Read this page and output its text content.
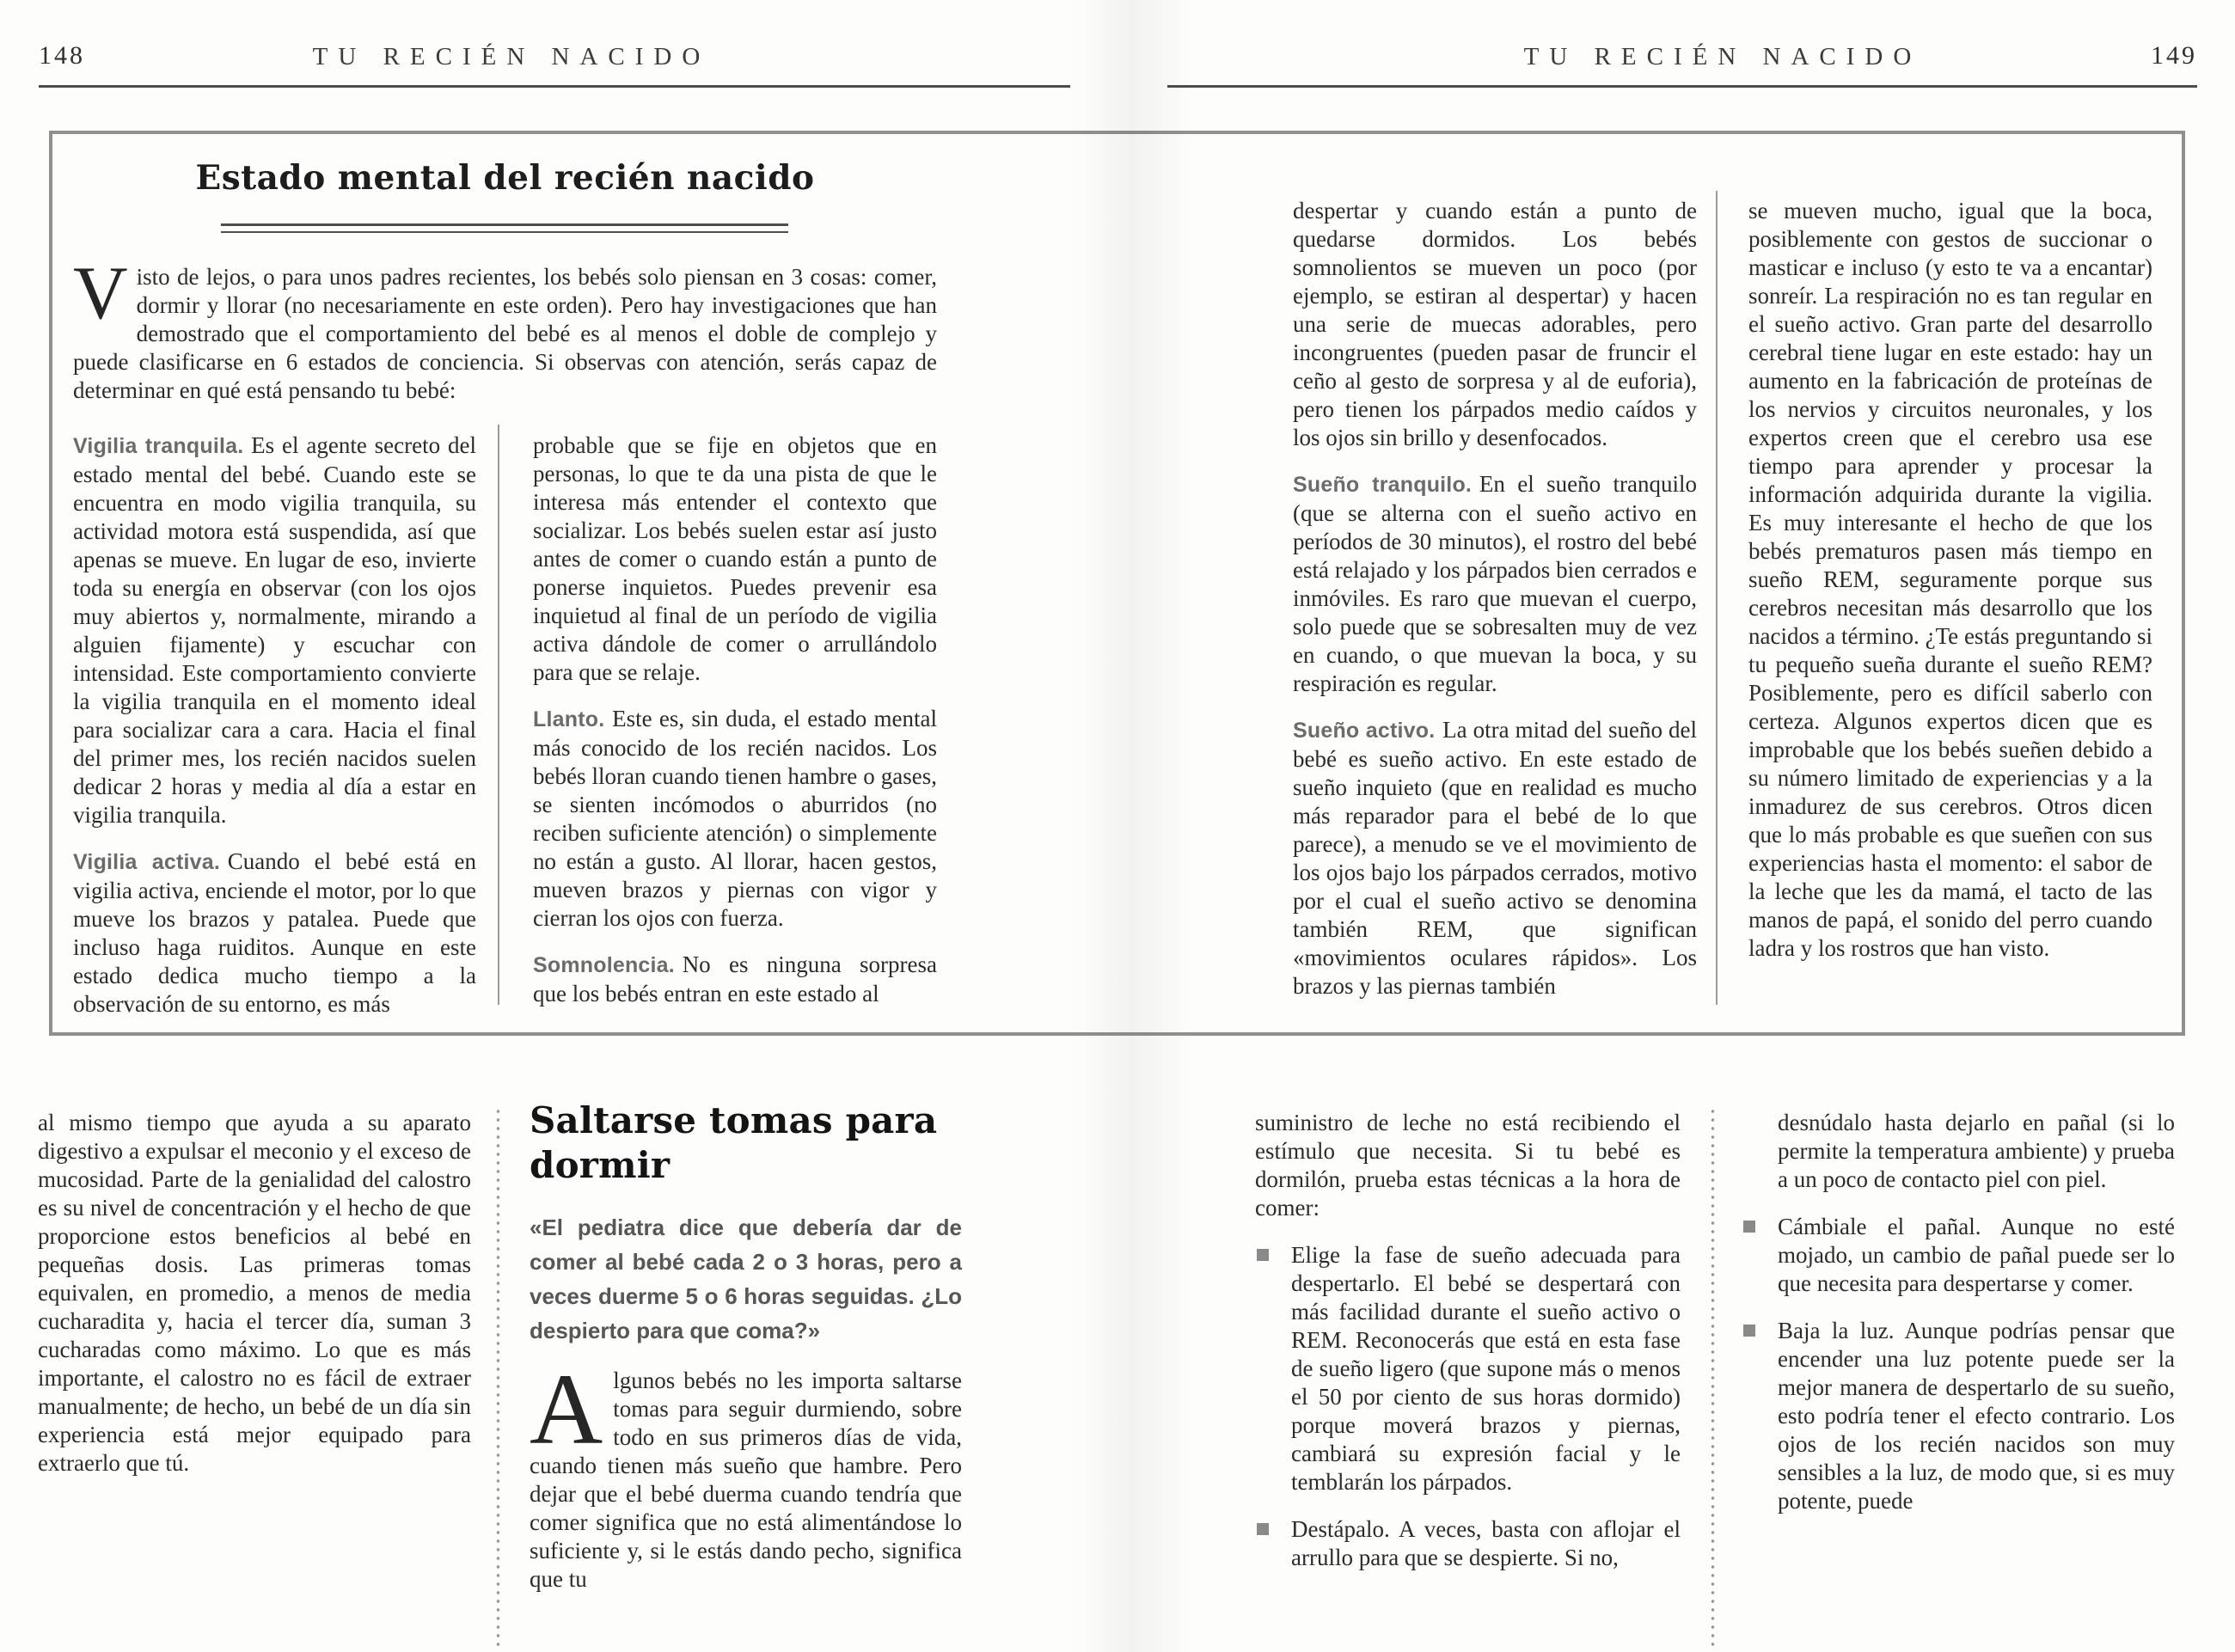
148	TU RECIÉN NACIDO	TU RECIÉN NACIDO	149
Estado mental del recién nacido
Visto de lejos, o para unos padres recientes, los bebés solo piensan en 3 cosas: comer, dormir y llorar (no necesariamente en este orden). Pero hay investigaciones que han demostrado que el comportamiento del bebé es al menos el doble de complejo y puede clasificarse en 6 estados de conciencia. Si observas con atención, serás capaz de determinar en qué está pensando tu bebé:

Vigilia tranquila. Es el agente secreto del estado mental del bebé. Cuando este se encuentra en modo vigilia tranquila, su actividad motora está suspendida, así que apenas se mueve. En lugar de eso, invierte toda su energía en observar (con los ojos muy abiertos y, normalmente, mirando a alguien fijamente) y escuchar con intensidad. Este comportamiento convierte la vigilia tranquila en el momento ideal para socializar cara a cara. Hacia el final del primer mes, los recién nacidos suelen dedicar 2 horas y media al día a estar en vigilia tranquila.

Vigilia activa. Cuando el bebé está en vigilia activa, enciende el motor, por lo que mueve los brazos y patalea. Puede que incluso haga ruiditos. Aunque en este estado dedica mucho tiempo a la observación de su entorno, es más

probable que se fije en objetos que en personas, lo que te da una pista de que le interesa más entender el contexto que socializar. Los bebés suelen estar así justo antes de comer o cuando están a punto de ponerse inquietos. Puedes prevenir esa inquietud al final de un período de vigilia activa dándole de comer o arrullándolo para que se relaje.

Llanto. Este es, sin duda, el estado mental más conocido de los recién nacidos. Los bebés lloran cuando tienen hambre o gases, se sienten incómodos o aburridos (no reciben suficiente atención) o simplemente no están a gusto. Al llorar, hacen gestos, mueven brazos y piernas con vigor y cierran los ojos con fuerza.

Somnolencia. No es ninguna sorpresa que los bebés entran en este estado al

despertar y cuando están a punto de quedarse dormidos. Los bebés somnolientos se mueven un poco (por ejemplo, se estiran al despertar) y hacen una serie de muecas adorables, pero incongruentes (pueden pasar de fruncir el ceño al gesto de sorpresa y al de euforia), pero tienen los párpados medio caídos y los ojos sin brillo y desenfocados.

Sueño tranquilo. En el sueño tranquilo (que se alterna con el sueño activo en períodos de 30 minutos), el rostro del bebé está relajado y los párpados bien cerrados e inmóviles. Es raro que muevan el cuerpo, solo puede que se sobresalten muy de vez en cuando, o que muevan la boca, y su respiración es regular.

Sueño activo. La otra mitad del sueño del bebé es sueño activo. En este estado de sueño inquieto (que en realidad es mucho más reparador para el bebé de lo que parece), a menudo se ve el movimiento de los ojos bajo los párpados cerrados, motivo por el cual el sueño activo se denomina también REM, que significan «movimientos oculares rápidos». Los brazos y las piernas también

se mueven mucho, igual que la boca, posiblemente con gestos de succionar o masticar e incluso (y esto te va a encantar) sonreír. La respiración no es tan regular en el sueño activo. Gran parte del desarrollo cerebral tiene lugar en este estado: hay un aumento en la fabricación de proteínas de los nervios y circuitos neuronales, y los expertos creen que el cerebro usa ese tiempo para aprender y procesar la información adquirida durante la vigilia. Es muy interesante el hecho de que los bebés prematuros pasen más tiempo en sueño REM, seguramente porque sus cerebros necesitan más desarrollo que los nacidos a término. ¿Te estás preguntando si tu pequeño sueña durante el sueño REM? Posiblemente, pero es difícil saberlo con certeza. Algunos expertos dicen que es improbable que los bebés sueñen debido a su número limitado de experiencias y a la inmadurez de sus cerebros. Otros dicen que lo más probable es que sueñen con sus experiencias hasta el momento: el sabor de la leche que les da mamá, el tacto de las manos de papá, el sonido del perro cuando ladra y los rostros que han visto.

al mismo tiempo que ayuda a su aparato digestivo a expulsar el meconio y el exceso de mucosidad. Parte de la genialidad del calostro es su nivel de concentración y el hecho de que proporcione estos beneficios al bebé en pequeñas dosis. Las primeras tomas equivalen, en promedio, a menos de media cucharadita y, hacia el tercer día, suman 3 cucharadas como máximo. Lo que es más importante, el calostro no es fácil de extraer manualmente; de hecho, un bebé de un día sin experiencia está mejor equipado para extraerlo que tú.

Saltarse tomas para dormir

«El pediatra dice que debería dar de comer al bebé cada 2 o 3 horas, pero a veces duerme 5 o 6 horas seguidas. ¿Lo despierto para que coma?»

Algunos bebés no les importa saltarse tomas para seguir durmiendo, sobre todo en sus primeros días de vida, cuando tienen más sueño que hambre. Pero dejar que el bebé duerma cuando tendría que comer significa que no está alimentándose lo suficiente y, si le estás dando pecho, significa que tu

suministro de leche no está recibiendo el estímulo que necesita. Si tu bebé es dormilón, prueba estas técnicas a la hora de comer:

Elige la fase de sueño adecuada para despertarlo. El bebé se despertará con más facilidad durante el sueño activo o REM. Reconocerás que está en esta fase de sueño ligero (que supone más o menos el 50 por ciento de sus horas dormido) porque moverá brazos y piernas, cambiará su expresión facial y le temblarán los párpados.

Destápalo. A veces, basta con aflojar el arrullo para que se despierte. Si no,

desnúdalo hasta dejarlo en pañal (si lo permite la temperatura ambiente) y prueba a un poco de contacto piel con piel.

Cámbiale el pañal. Aunque no esté mojado, un cambio de pañal puede ser lo que necesita para despertarse y comer.

Baja la luz. Aunque podrías pensar que encender una luz potente puede ser la mejor manera de despertarlo de su sueño, esto podría tener el efecto contrario. Los ojos de los recién nacidos son muy sensibles a la luz, de modo que, si es muy potente, puede
